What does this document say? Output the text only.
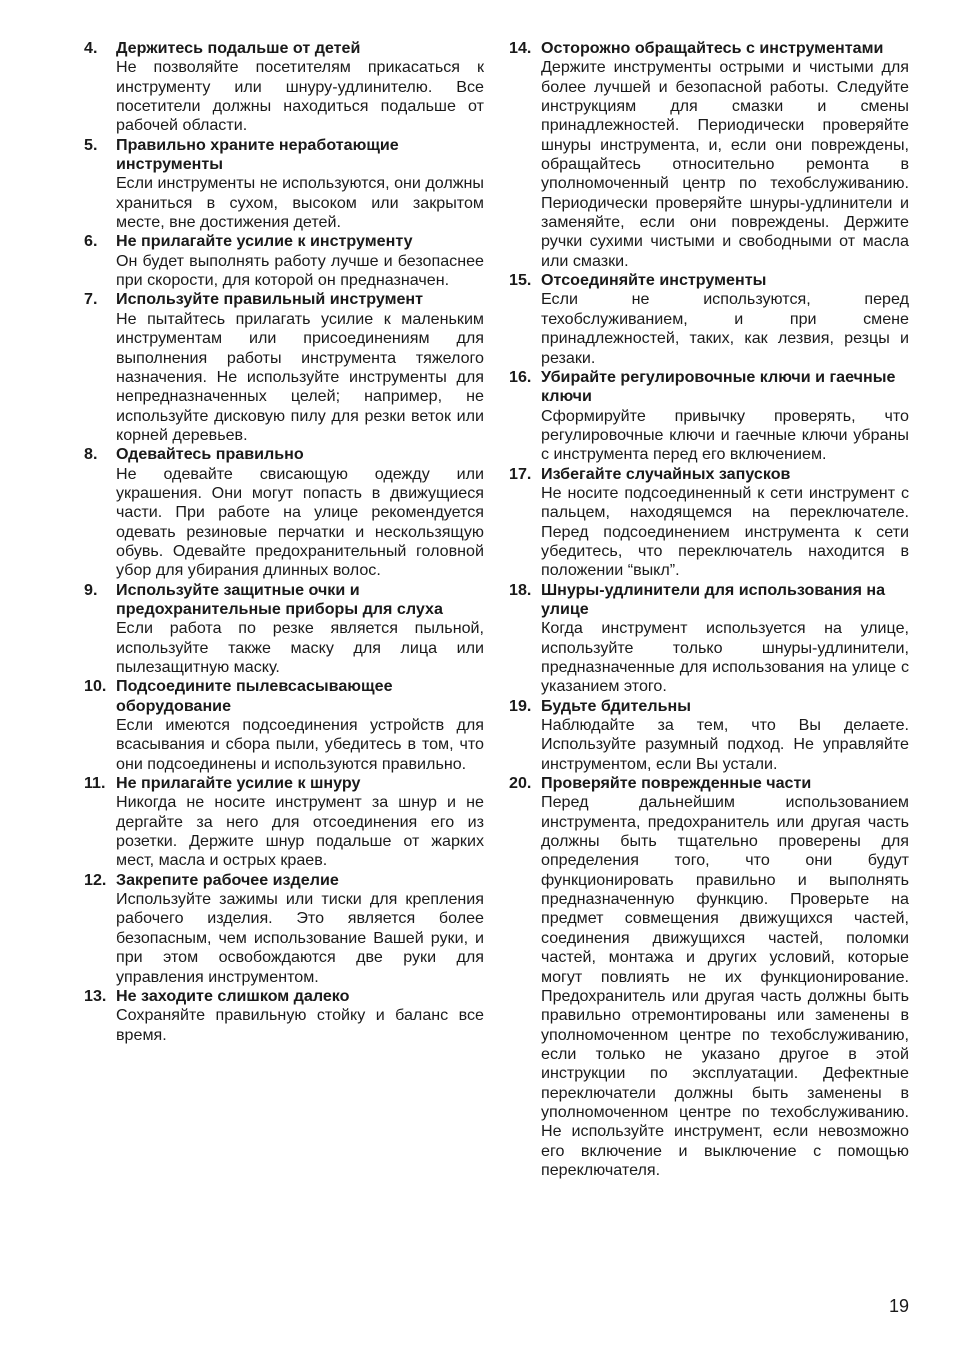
4. Держитесь подальше от детей

Не позволяйте посетителям прикасаться к инструменту или шнуру-удлинителю. Все посетители должны находиться подальше от рабочей области.

5. Правильно храните неработающие инструменты

Если инструменты не используются, они должны храниться в сухом, высоком или закрытом месте, вне достижения детей.

6. Не прилагайте усилие к инструменту

Он будет выполнять работу лучше и безопаснее при скорости, для которой он предназначен.

7. Используйте правильный инструмент

Не пытайтесь прилагать усилие к маленьким инструментам или присоединениям для выполнения работы инструмента тяжелого назначения. Не используйте инструменты для непредназначенных целей; например, не используйте дисковую пилу для резки веток или корней деревьев.

8. Одевайтесь правильно

Не одевайте свисающую одежду или украшения. Они могут попасть в движущиеся части. При работе на улице рекомендуется одевать резиновые перчатки и нескользящую обувь. Одевайте предохранительный головной убор для убирания длинных волос.

9. Используйте защитные очки и предохранительные приборы для слуха

Если работа по резке является пыльной, используйте также маску для лица или пылезащитную маску.

10. Подсоедините пылевсасывающее оборудование

Если имеются подсоединения устройств для всасывания и сбора пыли, убедитесь в том, что они подсоединены и используются правильно.

11. Не прилагайте усилие к шнуру

Никогда не носите инструмент за шнур и не дергайте за него для отсоединения его из розетки. Держите шнур подальше от жарких мест, масла и острых краев.

12. Закрепите рабочее изделие

Используйте зажимы или тиски для крепления рабочего изделия. Это является более безопасным, чем использование Вашей руки, и при этом освобождаются две руки для управления инструментом.

13. Не заходите слишком далеко

Сохраняйте правильную стойку и баланс все время.

14. Осторожно обращайтесь с инструментами

Держите инструменты острыми и чистыми для более лучшей и безопасной работы. Следуйте инструкциям для смазки и смены принадлежностей. Периодически проверяйте шнуры инструмента, и, если они повреждены, обращайтесь относительно ремонта в уполномоченный центр по техобслуживанию. Периодически проверяйте шнуры-удлинители и заменяйте, если они повреждены. Держите ручки сухими чистыми и свободными от масла или смазки.

15. Отсоединяйте инструменты

Если не используются, перед техобслуживанием, и при смене принадлежностей, таких, как лезвия, резцы и резаки.

16. Убирайте регулировочные ключи и гаечные ключи

Сформируйте привычку проверять, что регулировочные ключи и гаечные ключи убраны с инструмента перед его включением.

17. Избегайте случайных запусков

Не носите подсоединенный к сети инструмент с пальцем, находящемся на переключателе. Перед подсоединением инструмента к сети убедитесь, что переключатель находится в положении “выкл”.

18. Шнуры-удлинители для использования на улице

Когда инструмент используется на улице, используйте только шнуры-удлинители, предназначенные для использования на улице с указанием этого.

19. Будьте бдительны

Наблюдайте за тем, что Вы делаете. Используйте разумный подход. Не управляйте инструментом, если Вы устали.

20. Проверяйте поврежденные части

Перед дальнейшим использованием инструмента, предохранитель или другая часть должны быть тщательно проверены для определения того, что они будут функционировать правильно и выполнять предназначенную функцию. Проверьте на предмет совмещения движущихся частей, соединения движущихся частей, поломки частей, монтажа и других условий, которые могут повлиять не их функционирование. Предохранитель или другая часть должны быть правильно отремонтированы или заменены в уполномоченном центре по техобслуживанию, если только не указано другое в этой инструкции по эксплуатации. Дефектные переключатели должны быть заменены в уполномоченном центре по техобслуживанию. Не используйте инструмент, если невозможно его включение и выключение с помощью переключателя.

19
